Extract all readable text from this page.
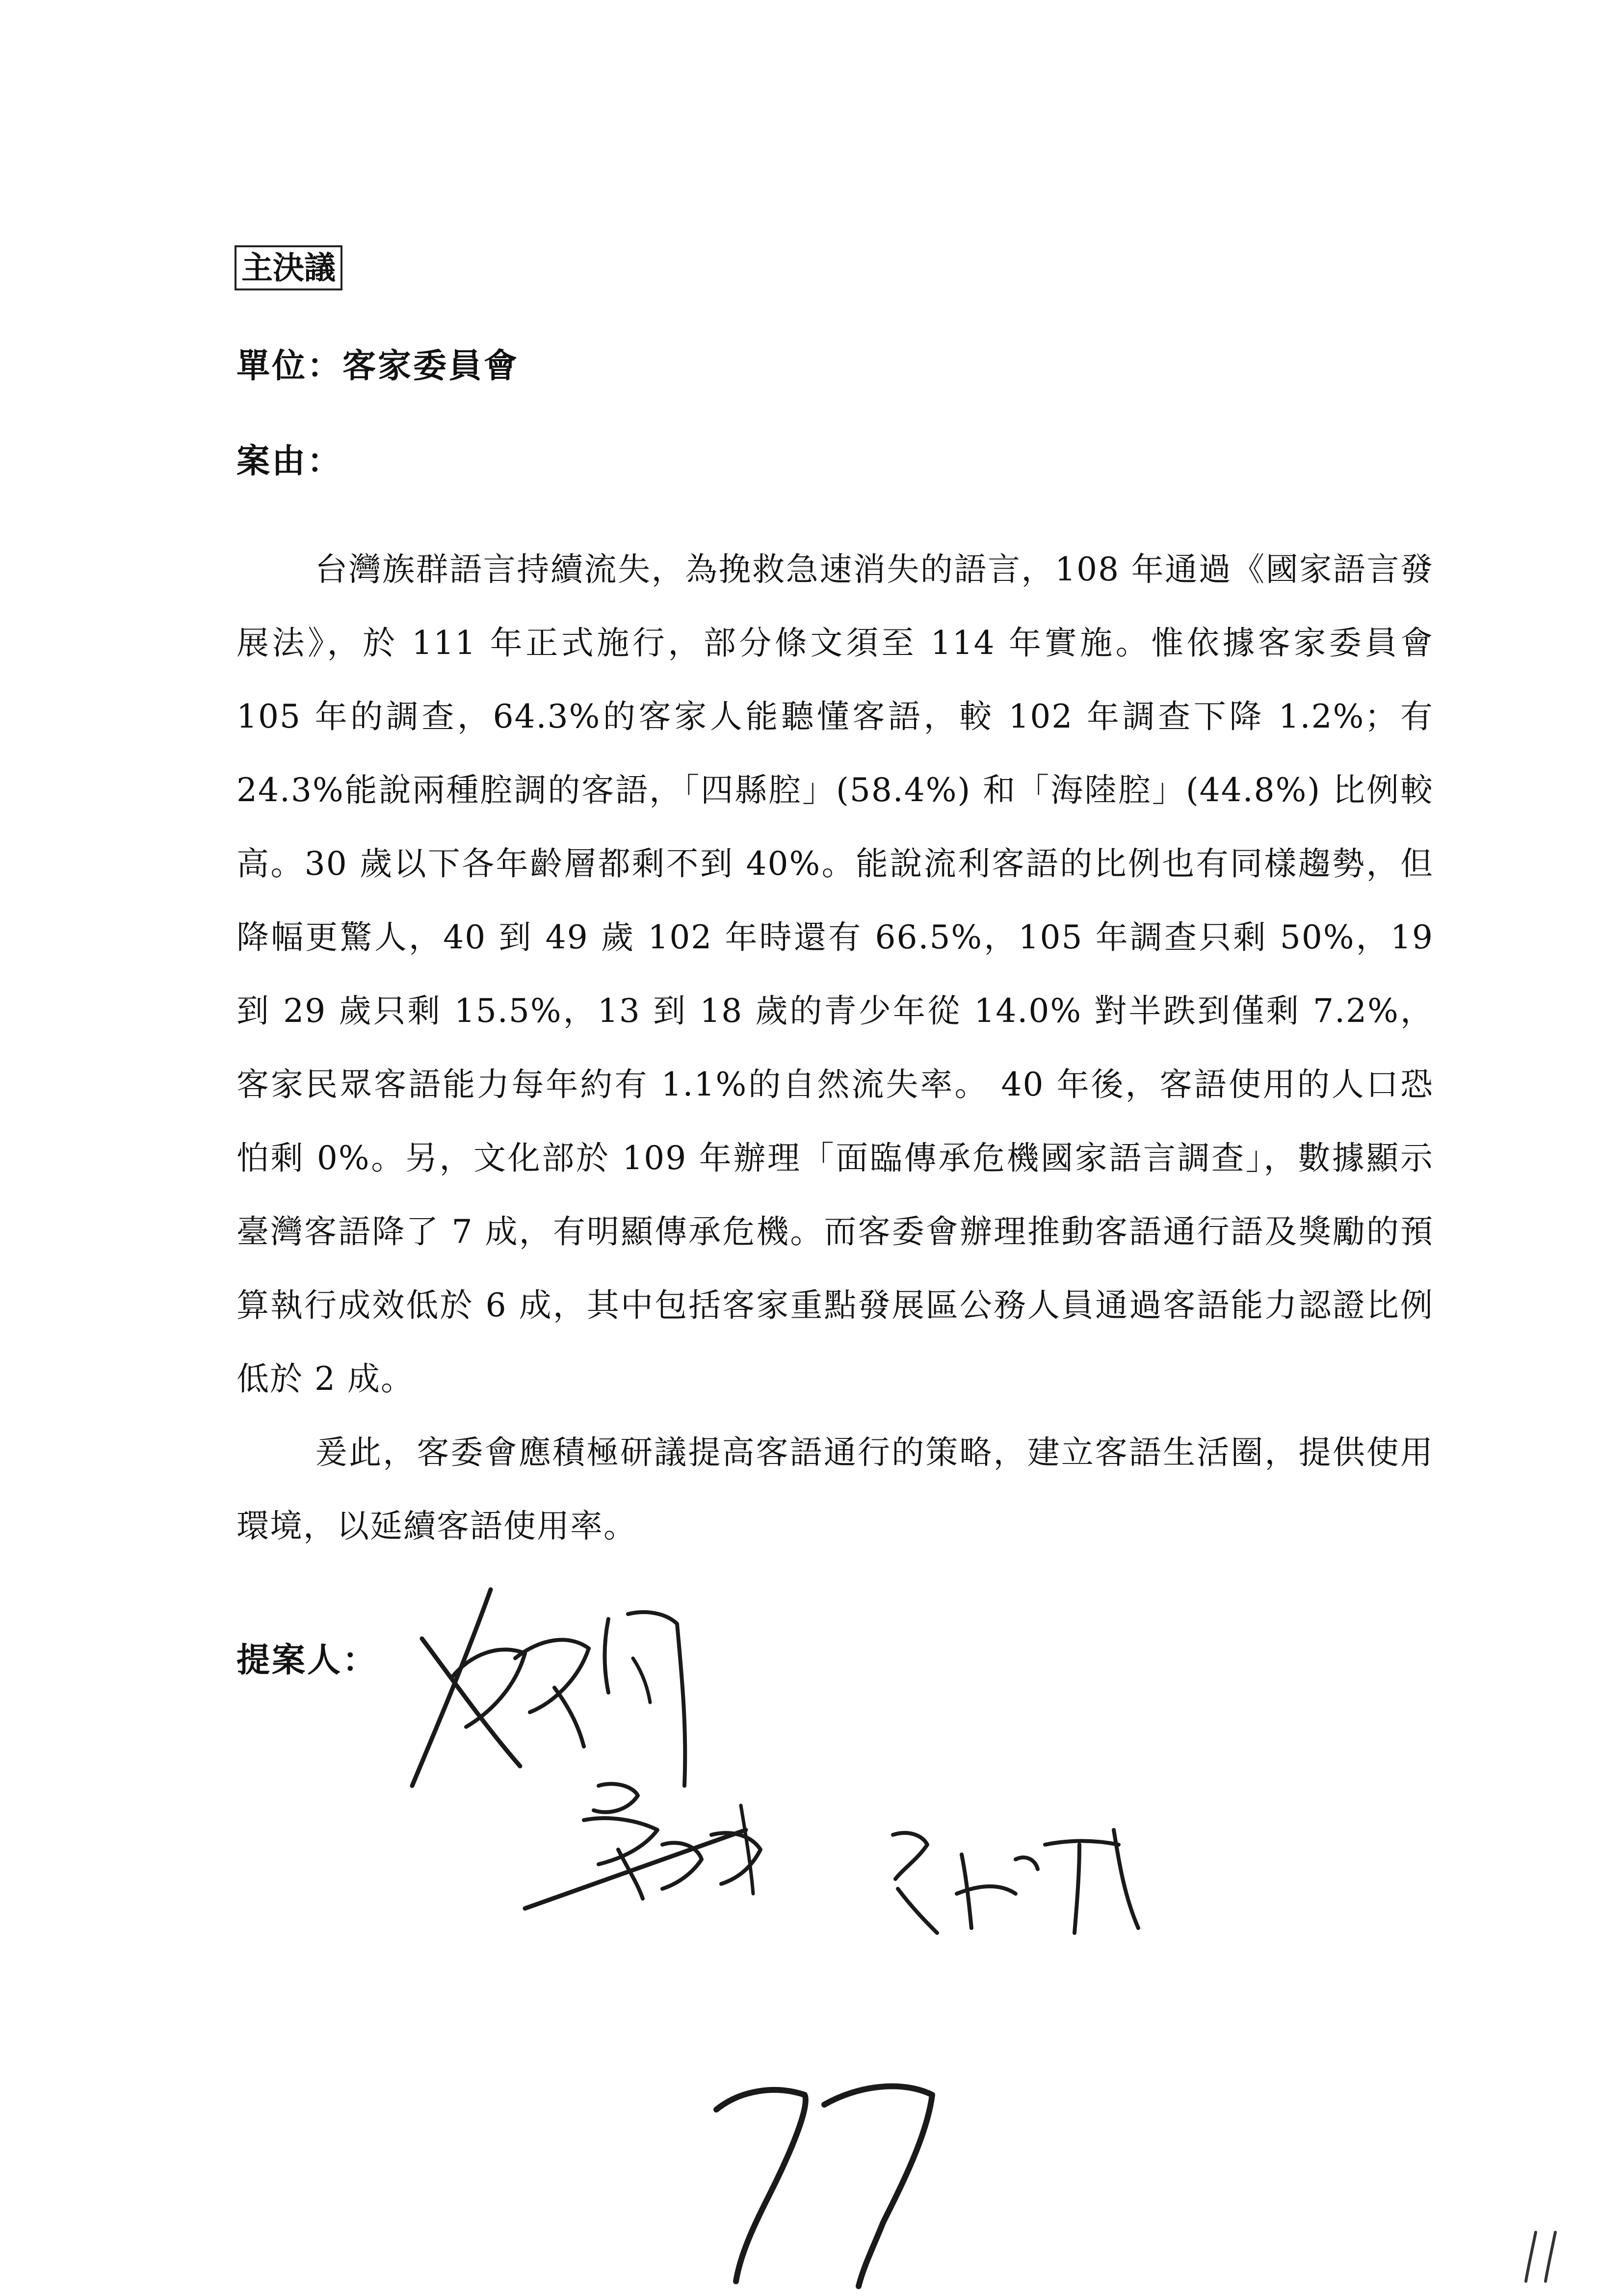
主決議
單位：客家委員會
案由：

台灣族群語言持續流失，為挽救急速消失的語言，108 年通過《國家語言發展法》，於 111 年正式施行，部分條文須至 114 年實施。惟依據客家委員會 105 年的調查，64.3%的客家人能聽懂客語，較 102 年調查下降 1.2%；有 24.3%能說兩種腔調的客語，「四縣腔」(58.4%) 和「海陸腔」(44.8%) 比例較高。30 歲以下各年齡層都剩不到 40%。能說流利客語的比例也有同樣趨勢，但降幅更驚人，40 到 49 歲 102 年時還有 66.5%，105 年調查只剩 50%，19 到 29 歲只剩 15.5%，13 到 18 歲的青少年從 14.0% 對半跌到僅剩 7.2%，客家民眾客語能力每年約有 1.1%的自然流失率。 40 年後，客語使用的人口恐怕剩 0%。另，文化部於 109 年辦理「面臨傳承危機國家語言調查」，數據顯示臺灣客語降了 7 成，有明顯傳承危機。而客委會辦理推動客語通行語及獎勵的預算執行成效低於 6 成，其中包括客家重點發展區公務人員通過客語能力認證比例低於 2 成。

爰此，客委會應積極研議提高客語通行的策略，建立客語生活圈，提供使用環境，以延續客語使用率。

提案人：
